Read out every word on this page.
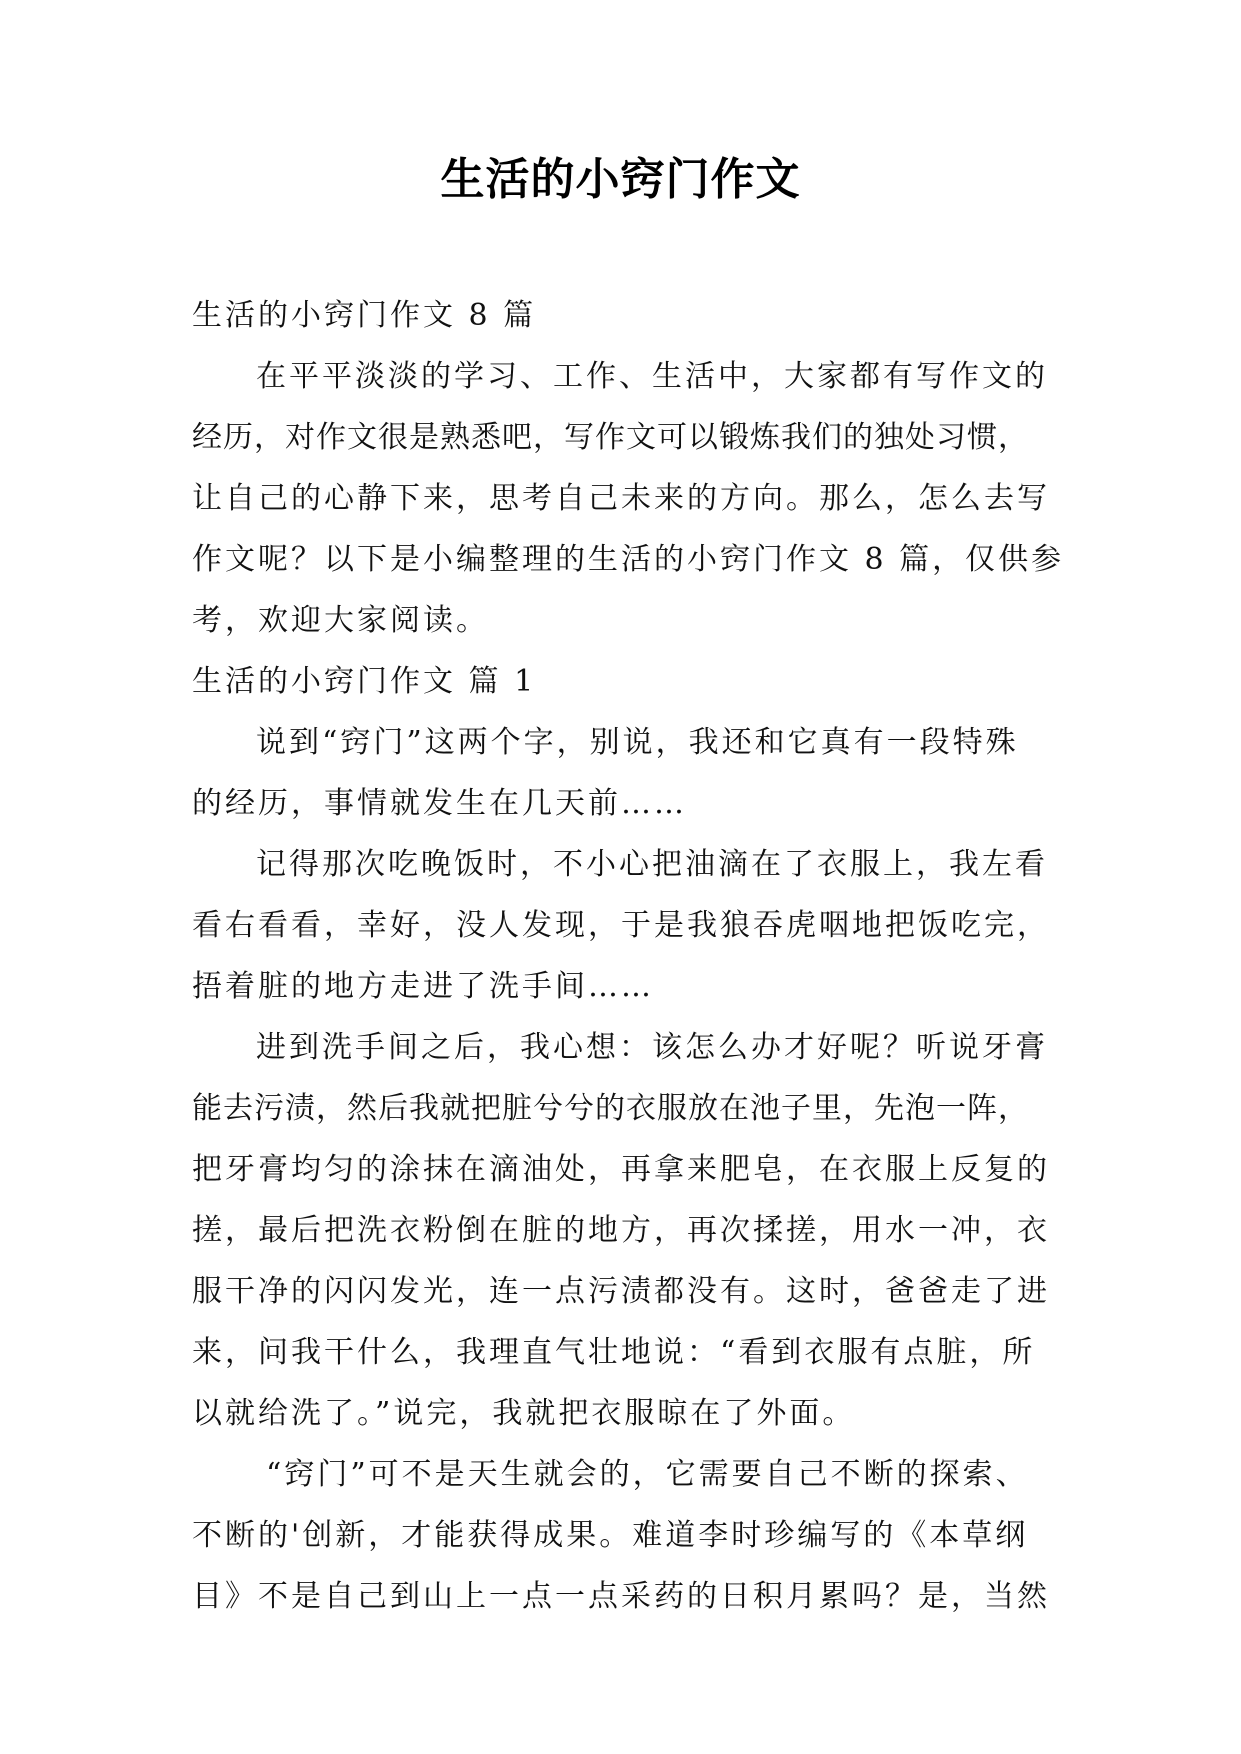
生活的小窍门作文
生活的小窍门作文 8 篇
在平平淡淡的学习、工作、生活中，大家都有写作文的
经历，对作文很是熟悉吧，写作文可以锻炼我们的独处习惯，
让自己的心静下来，思考自己未来的方向。那么，怎么去写
作文呢？以下是小编整理的生活的小窍门作文 8 篇，仅供参
考，欢迎大家阅读。
生活的小窍门作文 篇 1
说到“窍门”这两个字，别说，我还和它真有一段特殊
的经历，事情就发生在几天前……
记得那次吃晚饭时，不小心把油滴在了衣服上，我左看
看右看看，幸好，没人发现，于是我狼吞虎咽地把饭吃完，
捂着脏的地方走进了洗手间……
进到洗手间之后，我心想：该怎么办才好呢？听说牙膏
能去污渍，然后我就把脏兮兮的衣服放在池子里，先泡一阵，
把牙膏均匀的涂抹在滴油处，再拿来肥皂，在衣服上反复的
搓，最后把洗衣粉倒在脏的地方，再次揉搓，用水一冲，衣
服干净的闪闪发光，连一点污渍都没有。这时，爸爸走了进
来，问我干什么，我理直气壮地说：“看到衣服有点脏，所
以就给洗了。”说完，我就把衣服晾在了外面。
“窍门”可不是天生就会的，它需要自己不断的探索、
不断的'创新，才能获得成果。难道李时珍编写的《本草纲
目》不是自己到山上一点一点采药的日积月累吗？是，当然
